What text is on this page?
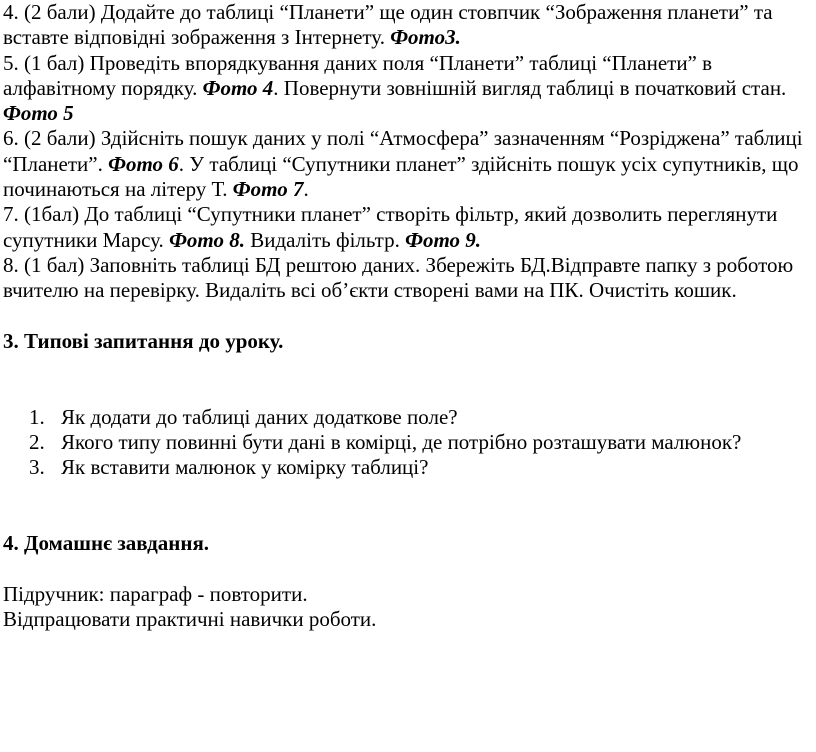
4. (2 бали) Додайте до таблиці “Планети” ще один стовпчик “Зображення планети” та вставте відповідні зображення з Інтернету. Фото3.

5. (1 бал) Проведіть впорядкування даних поля “Планети” таблиці “Планети” в алфавітному порядку. Фото 4. Повернути зовнішній вигляд таблиці в початковий стан. Фото 5

6. (2 бали) Здійсніть пошук даних у полі “Атмосфера” зазначенням “Розріджена” таблиці “Планети”. Фото 6. У таблиці “Супутники планет” здійсніть пошук усіх супутників, що починаються на літеру Т. Фото 7.

7. (1бал) До таблиці “Супутники планет” створіть фільтр, який дозволить переглянути супутники Марсу. Фото 8. Видаліть фільтр. Фото 9.

8. (1 бал) Заповніть таблиці БД рештою даних. Збережіть БД.Відправте папку з роботою вчителю на перевірку. Видаліть всі об’єкти створені вами на ПК. Очистіть кошик.

3. Типові запитання до уроку.

1. Як додати до таблиці даних додаткове поле?
2. Якого типу повинні бути дані в комірці, де потрібно розташувати малюнок?
3. Як вставити малюнок у комірку таблиці?

4. Домашнє завдання.

Підручник: параграф - повторити.

Відпрацювати практичні навички роботи.
